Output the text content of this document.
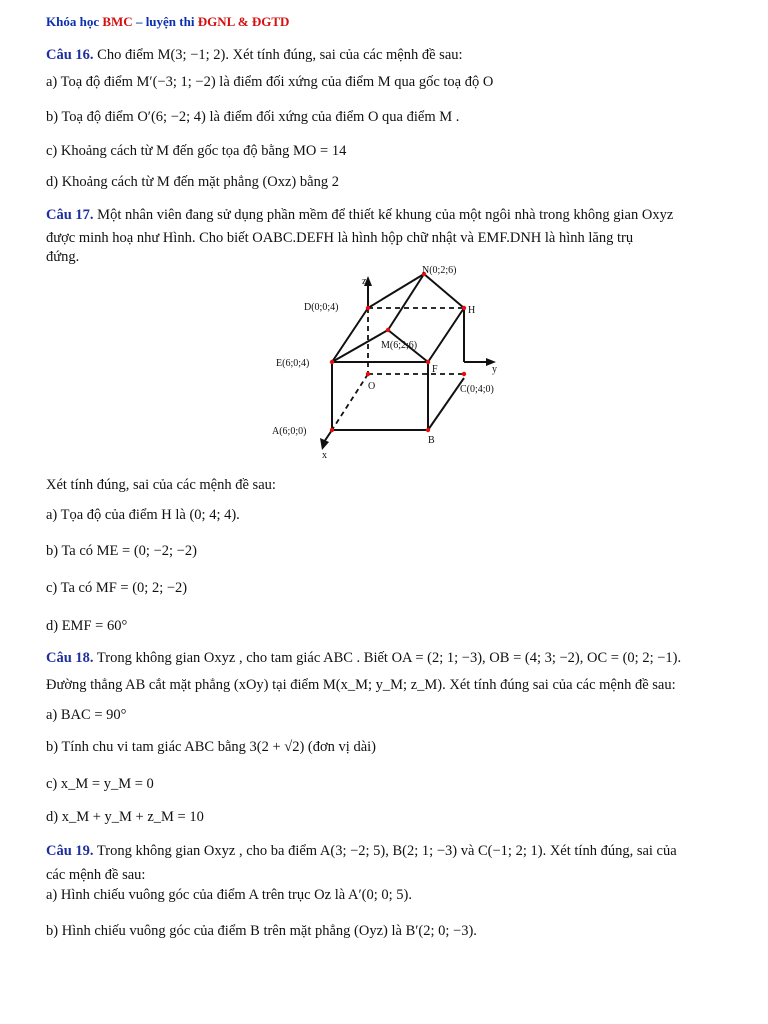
Khóa học BMC – luyện thi ĐGNL & ĐGTD
Câu 16. Cho điểm M(3; −1; 2). Xét tính đúng, sai của các mệnh đề sau:
a) Toạ độ điểm M′(−3; 1; −2) là điểm đối xứng của điểm M qua gốc toạ độ O
b) Toạ độ điểm O′(6; −2; 4) là điểm đối xứng của điểm O qua điểm M .
c) Khoảng cách từ M đến gốc tọa độ bằng MO = 14
d) Khoảng cách từ M đến mặt phẳng (Oxz) bằng 2
Câu 17. Một nhân viên đang sử dụng phần mềm để thiết kế khung của một ngôi nhà trong không gian Oxyz
được minh hoạ như Hình. Cho biết OABC.DEFH là hình hộp chữ nhật và EMF.DNH là hình lăng trụ
đứng.
z
N(0;2;6)
D(0;0;4)	H
M(6;2;6)
E(6;0;4)
F	y
O	C(0;4;0)
A(6;0;0)
B
x
Xét tính đúng, sai của các mệnh đề sau:
a) Tọa độ của điểm H là (0; 4; 4).
b) Ta có ME = (0; −2; −2)
c) Ta có MF = (0; 2; −2)
d) EMF = 60°
Câu 18. Trong không gian Oxyz , cho tam giác ABC . Biết OA = (2; 1; −3), OB = (4; 3; −2), OC = (0; 2; −1).
Đường thẳng AB cắt mặt phẳng (xOy) tại điểm M(x_M; y_M; z_M). Xét tính đúng sai của các mệnh đề sau:
a) BAC = 90°
b) Tính chu vi tam giác ABC bằng 3(2 + √2) (đơn vị dài)
c) x_M = y_M = 0
d) x_M + y_M + z_M = 10
Câu 19. Trong không gian Oxyz , cho ba điểm A(3; −2; 5), B(2; 1; −3) và C(−1; 2; 1). Xét tính đúng, sai của
các mệnh đề sau:
a) Hình chiếu vuông góc của điểm A trên trục Oz là A′(0; 0; 5).
b) Hình chiếu vuông góc của điểm B trên mặt phẳng (Oyz) là B′(2; 0; −3).
